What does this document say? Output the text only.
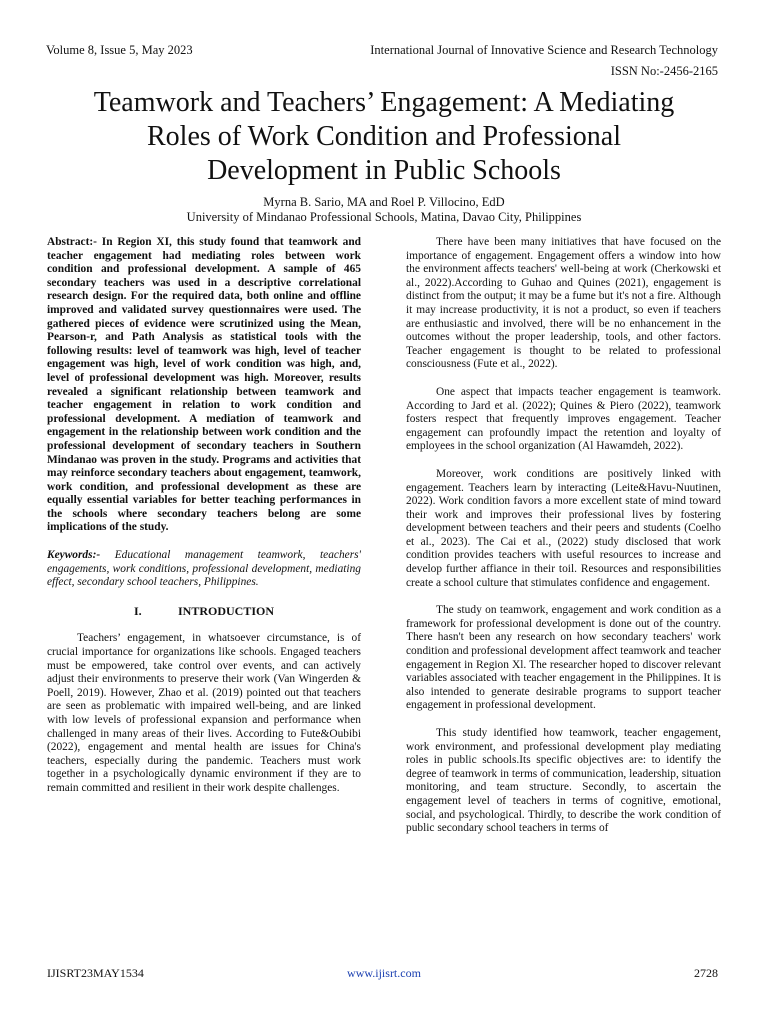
Volume 8, Issue 5, May 2023	International Journal of Innovative Science and Research Technology
ISSN No:-2456-2165
Teamwork and Teachers’ Engagement: A Mediating
Roles of Work Condition and Professional
Development in Public Schools
Myrna B. Sario, MA and Roel P. Villocino, EdD
University of Mindanao Professional Schools, Matina, Davao City, Philippines

Abstract:- In Region XI, this study found that teamwork and teacher engagement had mediating roles between work condition and professional development. A sample of 465 secondary teachers was used in a descriptive correlational research design. For the required data, both online and offline improved and validated survey questionnaires were used. The gathered pieces of evidence were scrutinized using the Mean, Pearson-r, and Path Analysis as statistical tools with the following results: level of teamwork was high, level of teacher engagement was high, level of work condition was high, and, level of professional development was high. Moreover, results revealed a significant relationship between teamwork and teacher engagement in relation to work condition and professional development. A mediation of teamwork and engagement in the relationship between work condition and the professional development of secondary teachers in Southern Mindanao was proven in the study. Programs and activities that may reinforce secondary teachers about engagement, teamwork, work condition, and professional development as these are equally essential variables for better teaching performances in the schools where secondary teachers belong are some implications of the study.

Keywords:- Educational management teamwork, teachers' engagements, work conditions, professional development, mediating effect, secondary school teachers, Philippines.

I.	INTRODUCTION

Teachers’ engagement, in whatsoever circumstance, is of crucial importance for organizations like schools. Engaged teachers must be empowered, take control over events, and can actively adjust their environments to preserve their work (Van Wingerden & Poell, 2019). However, Zhao et al. (2019) pointed out that teachers are seen as problematic with impaired well-being, and are linked with low levels of professional expansion and performance when challenged in many areas of their lives. According to Fute&Oubibi (2022), engagement and mental health are issues for China's teachers, especially during the pandemic. Teachers must work together in a psychologically dynamic environment if they are to remain committed and resilient in their work despite challenges.

There have been many initiatives that have focused on the importance of engagement. Engagement offers a window into how the environment affects teachers' well-being at work (Cherkowski et al., 2022).According to Guhao and Quines (2021), engagement is distinct from the output; it may be a fume but it's not a fire. Although it may increase productivity, it is not a product, so even if teachers are enthusiastic and involved, there will be no enhancement in the outcomes without the proper leadership, tools, and other factors. Teacher engagement is thought to be related to professional consciousness (Fute et al., 2022).

One aspect that impacts teacher engagement is teamwork. According to Jard et al. (2022); Quines & Piero (2022), teamwork fosters respect that frequently improves engagement. Teacher engagement can profoundly impact the retention and loyalty of employees in the school organization (Al Hawamdeh, 2022).

Moreover, work conditions are positively linked with engagement. Teachers learn by interacting (Leite&Havu-Nuutinen, 2022). Work condition favors a more excellent state of mind toward their work and improves their professional lives by fostering development between teachers and their peers and students (Coelho et al., 2023). The Cai et al., (2022) study disclosed that work condition provides teachers with useful resources to increase and develop further affiance in their toil. Resources and responsibilities create a school culture that stimulates confidence and engagement.

The study on teamwork, engagement and work condition as a framework for professional development is done out of the country. There hasn't been any research on how secondary teachers' work condition and professional development affect teamwork and teacher engagement in Region Xl. The researcher hoped to discover relevant variables associated with teacher engagement in the Philippines. It is also intended to generate desirable programs to support teacher engagement in professional development.

This study identified how teamwork, teacher engagement, work environment, and professional development play mediating roles in public schools.Its specific objectives are: to identify the degree of teamwork in terms of communication, leadership, situation monitoring, and team structure. Secondly, to ascertain the engagement level of teachers in terms of cognitive, emotional, social, and psychological. Thirdly, to describe the work condition of public secondary school teachers in terms of

IJISRT23MAY1534	www.ijisrt.com	2728
